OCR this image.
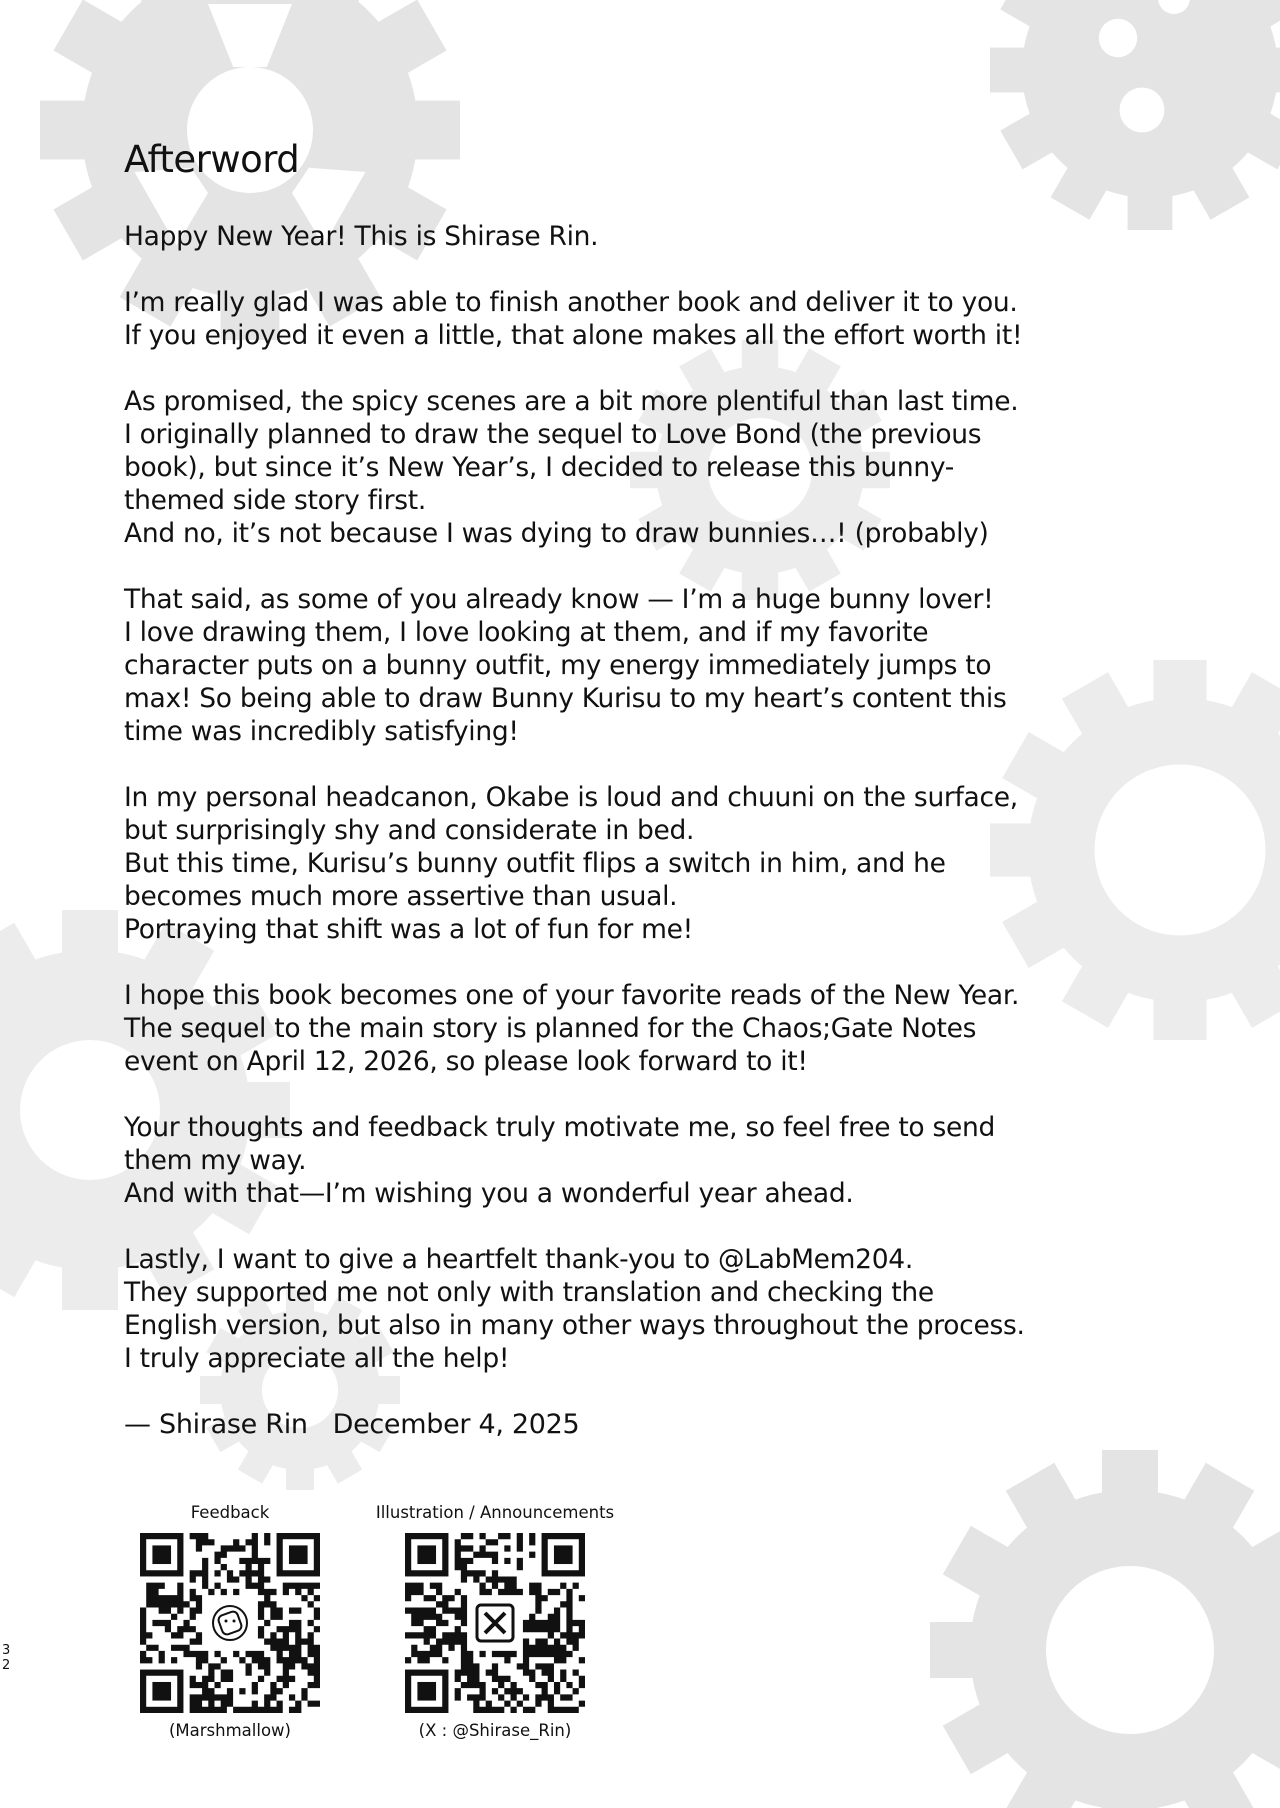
Afterword
Happy New Year! This is Shirase Rin.
I’m really glad I was able to finish another book and deliver it to you.
If you enjoyed it even a little, that alone makes all the effort worth it!
As promised, the spicy scenes are a bit more plentiful than last time.
I originally planned to draw the sequel to Love Bond (the previous
book), but since it’s New Year’s, I decided to release this bunny-
themed side story first.
And no, it’s not because I was dying to draw bunnies…! (probably)
That said, as some of you already know — I’m a huge bunny lover!
I love drawing them, I love looking at them, and if my favorite
character puts on a bunny outfit, my energy immediately jumps to
max! So being able to draw Bunny Kurisu to my heart’s content this
time was incredibly satisfying!
In my personal headcanon, Okabe is loud and chuuni on the surface,
but surprisingly shy and considerate in bed.
But this time, Kurisu’s bunny outfit flips a switch in him, and he
becomes much more assertive than usual.
Portraying that shift was a lot of fun for me!
I hope this book becomes one of your favorite reads of the New Year.
The sequel to the main story is planned for the Chaos;Gate Notes
event on April 12, 2026, so please look forward to it!
Your thoughts and feedback truly motivate me, so feel free to send
them my way.
And with that—I’m wishing you a wonderful year ahead.
Lastly, I want to give a heartfelt thank-you to @LabMem204.
They supported me not only with translation and checking the
English version, but also in many other ways throughout the process.
I truly appreciate all the help!
— Shirase Rin December 4, 2025
Feedback
(Marshmallow)
Illustration / Announcements
(X : @Shirase_Rin)
3
2
